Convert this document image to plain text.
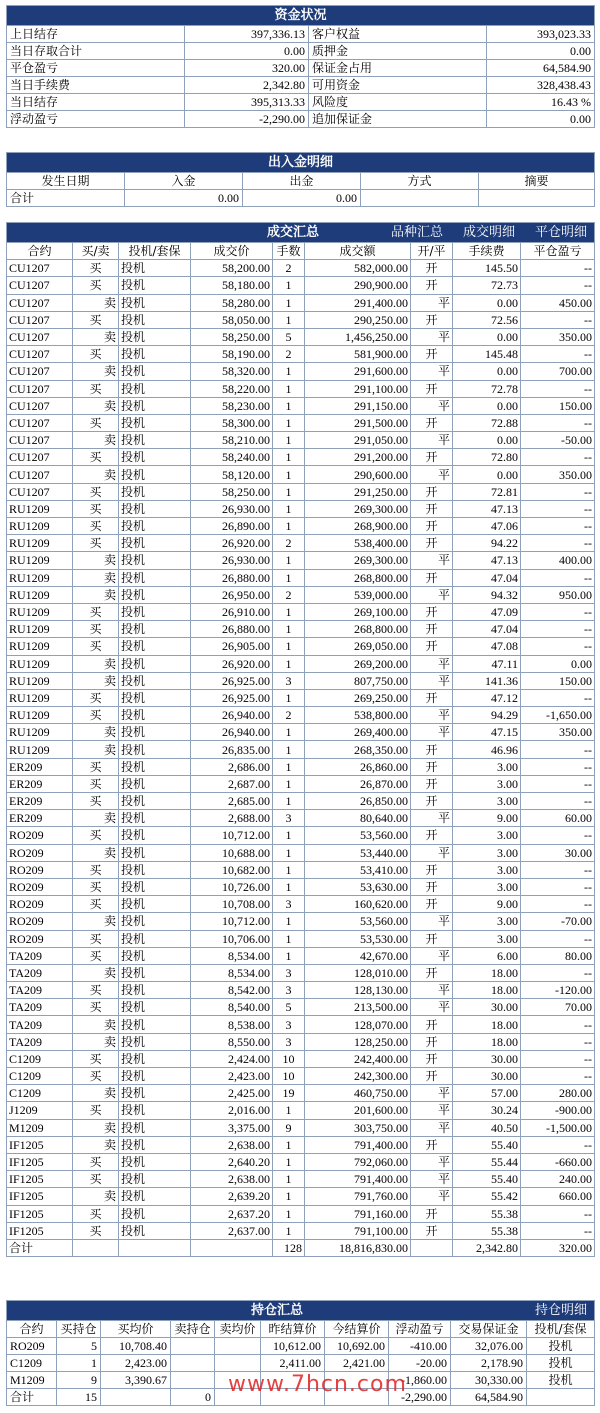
资金状况			
上日结存	397,336.13	客户权益	393,023.33
当日存取合计	0.00	质押金	0.00
平仓盈亏	320.00	保证金占用	64,584.90
当日手续费	2,342.80	可用资金	328,438.43
当日结存	395,313.33	风险度	16.43 %
浮动盈亏	-2,290.00	追加保证金	0.00
出入金明细				
发生日期	入金	出金	方式	摘要
合计	0.00	0.00		
成交汇总 品种汇总 成交明细 平仓明细								

合约	买/卖	投机/套保	成交价	手数	成交额	开/平	手续费	平仓盈亏
CU1207	买	投机	58,200.00	2	582,000.00	开	145.50	--
CU1207	买	投机	58,180.00	1	290,900.00	开	72.73	--
CU1207	卖	投机	58,280.00	1	291,400.00	平	0.00	450.00
CU1207	买	投机	58,050.00	1	290,250.00	开	72.56	--
CU1207	卖	投机	58,250.00	5	1,456,250.00	平	0.00	350.00
CU1207	买	投机	58,190.00	2	581,900.00	开	145.48	--
CU1207	卖	投机	58,320.00	1	291,600.00	平	0.00	700.00
CU1207	买	投机	58,220.00	1	291,100.00	开	72.78	--
CU1207	卖	投机	58,230.00	1	291,150.00	平	0.00	150.00
CU1207	买	投机	58,300.00	1	291,500.00	开	72.88	--
CU1207	卖	投机	58,210.00	1	291,050.00	平	0.00	-50.00
CU1207	买	投机	58,240.00	1	291,200.00	开	72.80	--
CU1207	卖	投机	58,120.00	1	290,600.00	平	0.00	350.00
CU1207	买	投机	58,250.00	1	291,250.00	开	72.81	--
RU1209	买	投机	26,930.00	1	269,300.00	开	47.13	--
RU1209	买	投机	26,890.00	1	268,900.00	开	47.06	--
RU1209	买	投机	26,920.00	2	538,400.00	开	94.22	--
RU1209	卖	投机	26,930.00	1	269,300.00	平	47.13	400.00
RU1209	卖	投机	26,880.00	1	268,800.00	开	47.04	--
RU1209	卖	投机	26,950.00	2	539,000.00	平	94.32	950.00
RU1209	买	投机	26,910.00	1	269,100.00	开	47.09	--
RU1209	买	投机	26,880.00	1	268,800.00	开	47.04	--
RU1209	买	投机	26,905.00	1	269,050.00	开	47.08	--
RU1209	卖	投机	26,920.00	1	269,200.00	平	47.11	0.00
RU1209	卖	投机	26,925.00	3	807,750.00	平	141.36	150.00
RU1209	买	投机	26,925.00	1	269,250.00	开	47.12	--
RU1209	买	投机	26,940.00	2	538,800.00	平	94.29	-1,650.00
RU1209	卖	投机	26,940.00	1	269,400.00	平	47.15	350.00
RU1209	卖	投机	26,835.00	1	268,350.00	开	46.96	--
ER209	买	投机	2,686.00	1	26,860.00	开	3.00	--
ER209	买	投机	2,687.00	1	26,870.00	开	3.00	--
ER209	买	投机	2,685.00	1	26,850.00	开	3.00	--
ER209	卖	投机	2,688.00	3	80,640.00	平	9.00	60.00
RO209	买	投机	10,712.00	1	53,560.00	开	3.00	--
RO209	卖	投机	10,688.00	1	53,440.00	平	3.00	30.00
RO209	买	投机	10,682.00	1	53,410.00	开	3.00	--
RO209	买	投机	10,726.00	1	53,630.00	开	3.00	--
RO209	买	投机	10,708.00	3	160,620.00	开	9.00	--
RO209	卖	投机	10,712.00	1	53,560.00	平	3.00	-70.00
RO209	买	投机	10,706.00	1	53,530.00	开	3.00	--
TA209	买	投机	8,534.00	1	42,670.00	平	6.00	80.00
TA209	卖	投机	8,534.00	3	128,010.00	开	18.00	--
TA209	买	投机	8,542.00	3	128,130.00	平	18.00	-120.00
TA209	买	投机	8,540.00	5	213,500.00	平	30.00	70.00
TA209	卖	投机	8,538.00	3	128,070.00	开	18.00	--
TA209	卖	投机	8,550.00	3	128,250.00	开	18.00	--
C1209	买	投机	2,424.00	10	242,400.00	开	30.00	--
C1209	买	投机	2,423.00	10	242,300.00	开	30.00	--
C1209	卖	投机	2,425.00	19	460,750.00	平	57.00	280.00
J1209	买	投机	2,016.00	1	201,600.00	平	30.24	-900.00
M1209	卖	投机	3,375.00	9	303,750.00	平	40.50	-1,500.00
IF1205	卖	投机	2,638.00	1	791,400.00	开	55.40	--
IF1205	买	投机	2,640.20	1	792,060.00	平	55.44	-660.00
IF1205	买	投机	2,638.00	1	791,400.00	平	55.40	240.00
IF1205	卖	投机	2,639.20	1	791,760.00	平	55.42	660.00
IF1205	买	投机	2,637.20	1	791,160.00	开	55.38	--
IF1205	买	投机	2,637.00	1	791,100.00	开	55.38	--
合计				128	18,816,830.00		2,342.80	320.00
持仓汇总 持仓明细									

合约	买持仓	买均价	卖持仓	卖均价	昨结算价	今结算价	浮动盈亏	交易保证金	投机/套保
RO209	5	10,708.40			10,612.00	10,692.00	-410.00	32,076.00	投机
C1209	1	2,423.00			2,411.00	2,421.00	-20.00	2,178.90	投机
M1209	9	3,390.67					-1,860.00	30,330.00	投机
合计	15		0				-2,290.00	64,584.90	
www.7hcn.com
